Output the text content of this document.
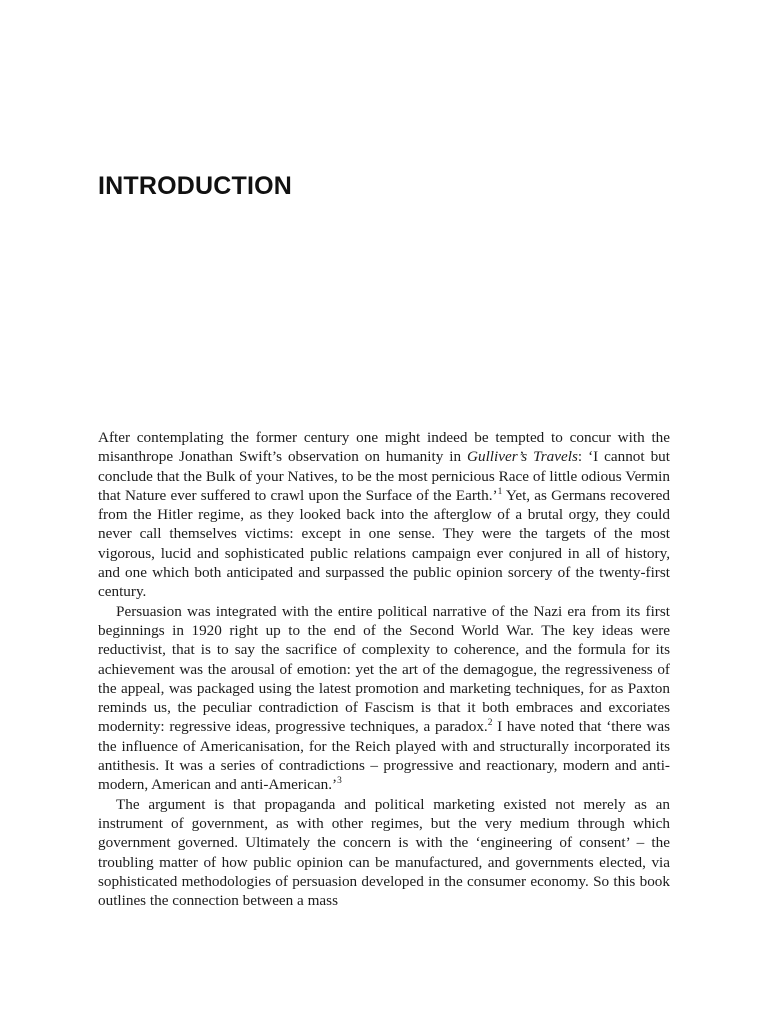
INTRODUCTION

After contemplating the former century one might indeed be tempted to concur with the misanthrope Jonathan Swift’s observation on humanity in Gulliver’s Travels: ‘I cannot but conclude that the Bulk of your Natives, to be the most pernicious Race of little odious Vermin that Nature ever suffered to crawl upon the Surface of the Earth.’$^1$ Yet, as Germans recovered from the Hitler regime, as they looked back into the afterglow of a brutal orgy, they could never call themselves victims: except in one sense. They were the targets of the most vigorous, lucid and sophisticated public relations campaign ever conjured in all of history, and one which both anticipated and surpassed the public opinion sorcery of the twenty-first century.

Persuasion was integrated with the entire political narrative of the Nazi era from its first beginnings in 1920 right up to the end of the Second World War. The key ideas were reductivist, that is to say the sacrifice of complexity to coherence, and the formula for its achievement was the arousal of emotion: yet the art of the demagogue, the regressiveness of the appeal, was packaged using the latest promotion and marketing techniques, for as Paxton reminds us, the peculiar contradiction of Fascism is that it both embraces and excoriates modernity: regressive ideas, progressive techniques, a paradox.$^2$ I have noted that ‘there was the influence of Americanisation, for the Reich played with and structurally incorporated its antithesis. It was a series of contradictions – progressive and reactionary, modern and anti-modern, American and anti-American.’$^3$

The argument is that propaganda and political marketing existed not merely as an instrument of government, as with other regimes, but the very medium through which government governed. Ultimately the concern is with the ‘engineering of consent’ – the troubling matter of how public opinion can be manufactured, and governments elected, via sophisticated methodologies of persuasion developed in the consumer economy. So this book outlines the connection between a mass
